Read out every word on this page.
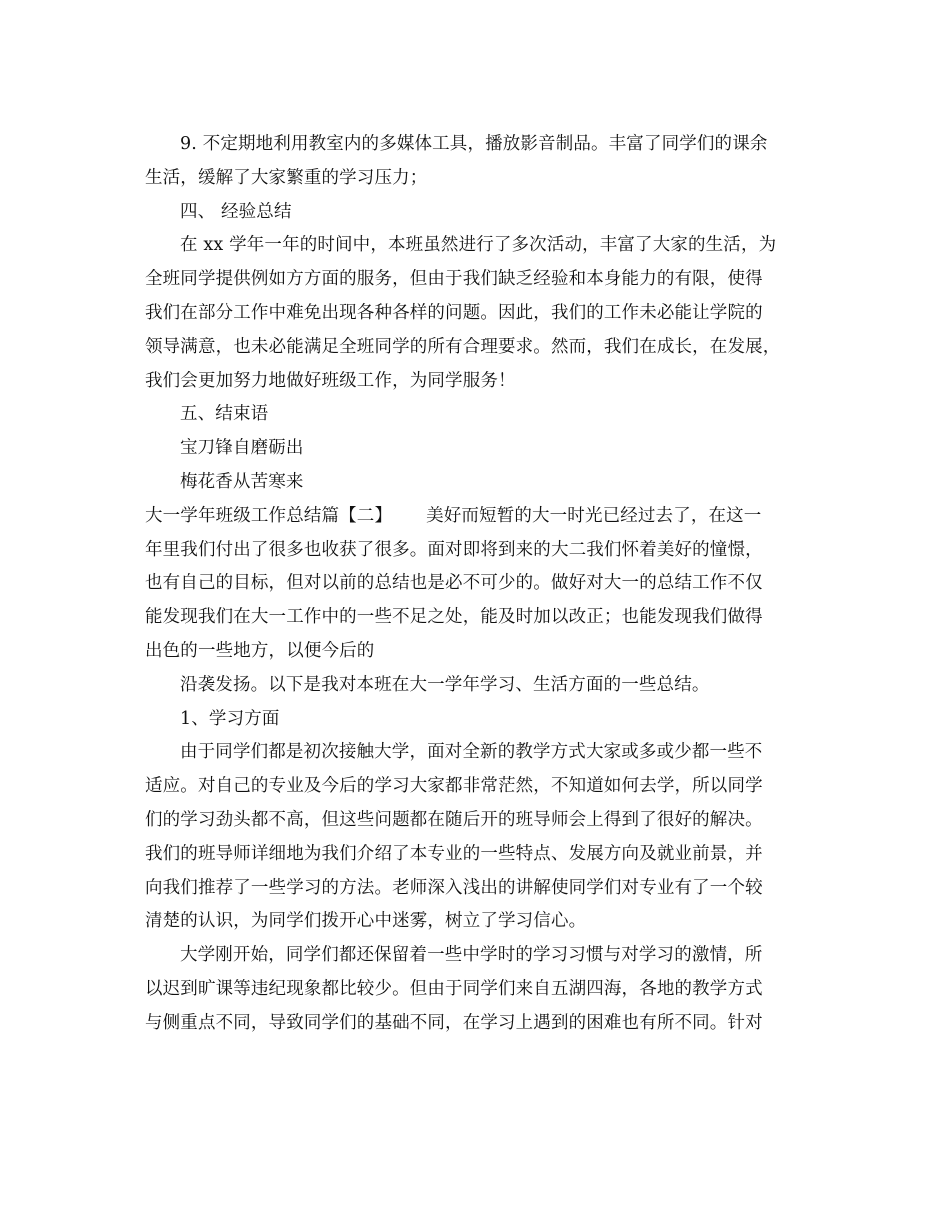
9. 不定期地利用教室内的多媒体工具，播放影音制品。丰富了同学们的课余
生活，缓解了大家繁重的学习压力；
四、 经验总结
在 xx 学年一年的时间中，本班虽然进行了多次活动，丰富了大家的生活，为
全班同学提供例如方方面的服务，但由于我们缺乏经验和本身能力的有限，使得
我们在部分工作中难免出现各种各样的问题。因此，我们的工作未必能让学院的
领导满意，也未必能满足全班同学的所有合理要求。然而，我们在成长，在发展，
我们会更加努力地做好班级工作，为同学服务！
五、结束语
宝刀锋自磨砺出
梅花香从苦寒来
大一学年班级工作总结篇【二】 美好而短暂的大一时光已经过去了，在这一
年里我们付出了很多也收获了很多。面对即将到来的大二我们怀着美好的憧憬，
也有自己的目标，但对以前的总结也是必不可少的。做好对大一的总结工作不仅
能发现我们在大一工作中的一些不足之处，能及时加以改正；也能发现我们做得
出色的一些地方，以便今后的
沿袭发扬。以下是我对本班在大一学年学习、生活方面的一些总结。
1、学习方面
由于同学们都是初次接触大学，面对全新的教学方式大家或多或少都一些不
适应。对自己的专业及今后的学习大家都非常茫然，不知道如何去学，所以同学
们的学习劲头都不高，但这些问题都在随后开的班导师会上得到了很好的解决。
我们的班导师详细地为我们介绍了本专业的一些特点、发展方向及就业前景，并
向我们推荐了一些学习的方法。老师深入浅出的讲解使同学们对专业有了一个较
清楚的认识，为同学们拨开心中迷雾，树立了学习信心。
大学刚开始，同学们都还保留着一些中学时的学习习惯与对学习的激情，所
以迟到旷课等违纪现象都比较少。但由于同学们来自五湖四海，各地的教学方式
与侧重点不同，导致同学们的基础不同，在学习上遇到的困难也有所不同。针对
